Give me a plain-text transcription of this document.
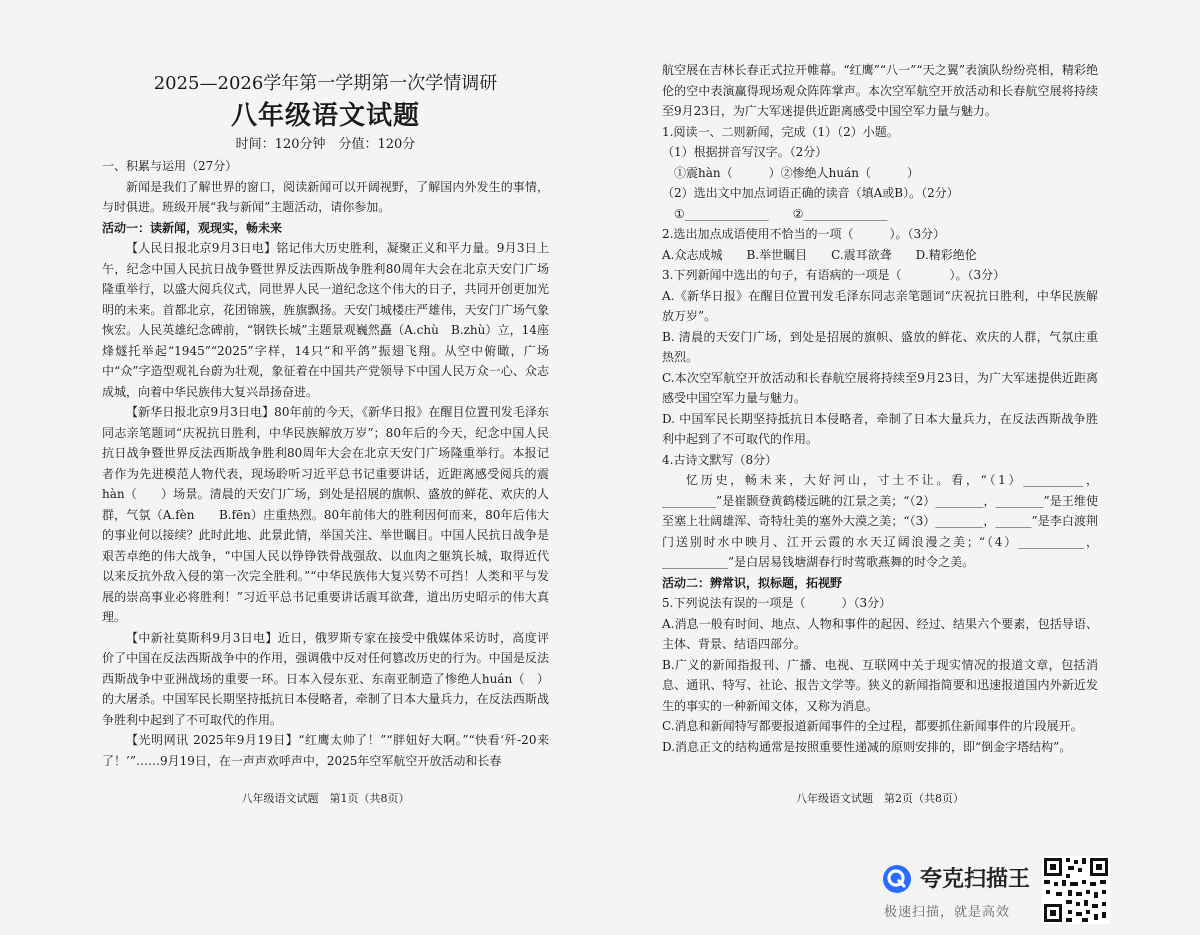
2025—2026学年第一学期第一次学情调研
八年级语文试题
时间：120分钟　分值：120分

一、积累与运用（27分）

新闻是我们了解世界的窗口，阅读新闻可以开阔视野，了解国内外发生的事情，与时俱进。班级开展“我与新闻”主题活动，请你参加。

活动一：读新闻，观现实，畅未来

【人民日报北京9月3日电】铭记伟大历史胜利，凝聚正义和平力量。9月3日上午，纪念中国人民抗日战争暨世界反法西斯战争胜利80周年大会在北京天安门广场隆重举行，以盛大阅兵仪式，同世界人民一道纪念这个伟大的日子，共同开创更加光明的未来。首都北京，花团锦簇，旌旗飘扬。天安门城楼庄严雄伟，天安门广场气象恢宏。人民英雄纪念碑前，“钢铁长城”主题景观巍然矗（A.chù　B.zhù）立，14座烽燧托举起“1945”“2025”字样，14只“和平鸽”振翅飞翔。从空中俯瞰，广场中“众”字造型观礼台蔚为壮观，象征着在中国共产党领导下中国人民万众一心、众志成城，向着中华民族伟大复兴昂扬奋进。

【新华日报北京9月3日电】80年前的今天，《新华日报》在醒目位置刊发毛泽东同志亲笔题词“庆祝抗日胜利，中华民族解放万岁”；80年后的今天，纪念中国人民抗日战争暨世界反法西斯战争胜利80周年大会在北京天安门广场隆重举行。本报记者作为先进模范人物代表，现场聆听习近平总书记重要讲话，近距离感受阅兵的震hàn（　　）场景。清晨的天安门广场，到处是招展的旗帜、盛放的鲜花、欢庆的人群，气氛（A.fèn　　B.fēn）庄重热烈。80年前伟大的胜利因何而来，80年后伟大的事业何以接续？此时此地、此景此情，举国关注、举世瞩目。中国人民抗日战争是艰苦卓绝的伟大战争，“中国人民以铮铮铁骨战强敌、以血肉之躯筑长城，取得近代以来反抗外敌入侵的第一次完全胜利。”“中华民族伟大复兴势不可挡！人类和平与发展的崇高事业必将胜利！”习近平总书记重要讲话震耳欲聋，道出历史昭示的伟大真理。

【中新社莫斯科9月3日电】近日，俄罗斯专家在接受中俄媒体采访时，高度评价了中国在反法西斯战争中的作用，强调俄中反对任何篡改历史的行为。中国是反法西斯战争中亚洲战场的重要一环。日本入侵东亚、东南亚制造了惨绝人huán（　）的大屠杀。中国军民长期坚持抵抗日本侵略者，牵制了日本大量兵力，在反法西斯战争胜利中起到了不可取代的作用。

【光明网讯 2025年9月19日】“红鹰太帅了！”“胖妞好大啊。”“快看‘歼-20来了！’”……9月19日，在一声声欢呼声中，2025年空军航空开放活动和长春

八年级语文试题　第1页（共8页）

航空展在吉林长春正式拉开帷幕。“红鹰”“八一”“天之翼”表演队纷纷亮相，精彩绝伦的空中表演赢得现场观众阵阵掌声。本次空军航空开放活动和长春航空展将持续至9月23日，为广大军迷提供近距离感受中国空军力量与魅力。

1.阅读一、二则新闻，完成（1）（2）小题。

（1）根据拼音写汉字。（2分）

①震hàn（　　　）②惨绝人huán（　　　）

（2）选出文中加点词语正确的读音（填A或B）。（2分）

①______________　　②______________

2.选出加点成语使用不恰当的一项（　　　）。（3分）

A.众志成城　　B.举世瞩目　　C.震耳欲聋　　D.精彩绝伦

3.下列新闻中选出的句子，有语病的一项是（　　　　）。（3分）

A.《新华日报》在醒目位置刊发毛泽东同志亲笔题词“庆祝抗日胜利，中华民族解放万岁”。

B. 清晨的天安门广场，到处是招展的旗帜、盛放的鲜花、欢庆的人群，气氛庄重热烈。

C.本次空军航空开放活动和长春航空展将持续至9月23日，为广大军迷提供近距离感受中国空军力量与魅力。

D. 中国军民长期坚持抵抗日本侵略者，牵制了日本大量兵力，在反法西斯战争胜利中起到了不可取代的作用。

4.古诗文默写（8分）

忆历史，畅未来，大好河山，寸土不让。看，“（1）__________，_________”是崔颢登黄鹤楼远眺的江景之美；“（2）________，________”是王维使至塞上壮阔雄浑、奇特壮美的塞外大漠之美；“（3）________，______”是李白渡荆门送别时水中映月、江开云霞的水天辽阔浪漫之美；“（4）___________，___________”是白居易钱塘湖春行时莺歌燕舞的时令之美。

活动二：辨常识，拟标题，拓视野

5.下列说法有误的一项是（　　　）（3分）

A.消息一般有时间、地点、人物和事件的起因、经过、结果六个要素，包括导语、主体、背景、结语四部分。

B.广义的新闻指报刊、广播、电视、互联网中关于现实情况的报道文章，包括消息、通讯、特写、社论、报告文学等。狭义的新闻指简要和迅速报道国内外新近发生的事实的一种新闻文体，又称为消息。

C.消息和新闻特写都要报道新闻事件的全过程，都要抓住新闻事件的片段展开。

D.消息正文的结构通常是按照重要性递减的原则安排的，即“倒金字塔结构”。

八年级语文试题　第2页（共8页）
夸克扫描王
极速扫描，就是高效
